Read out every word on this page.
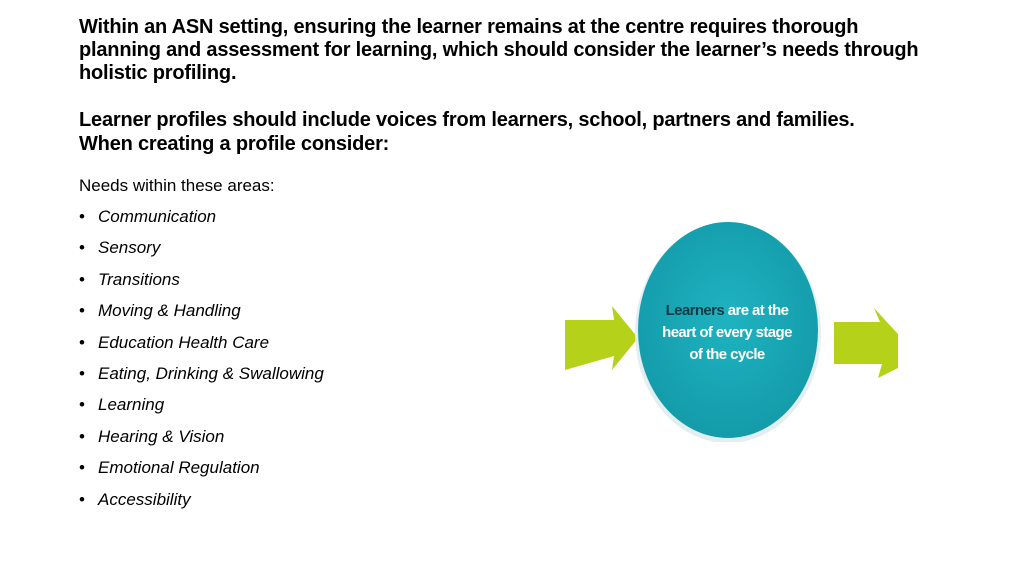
Within an ASN setting, ensuring the learner remains at the centre requires thorough planning and assessment for learning, which should consider the learner’s needs through holistic profiling.

Learner profiles should include voices from learners, school, partners and families.
When creating a profile consider:

Needs within these areas:

• Communication
• Sensory
• Transitions
• Moving & Handling
• Education Health Care
• Eating, Drinking & Swallowing
• Learning
• Hearing & Vision
• Emotional Regulation
• Accessibility
Learners are at the heart of every stage of the cycle
